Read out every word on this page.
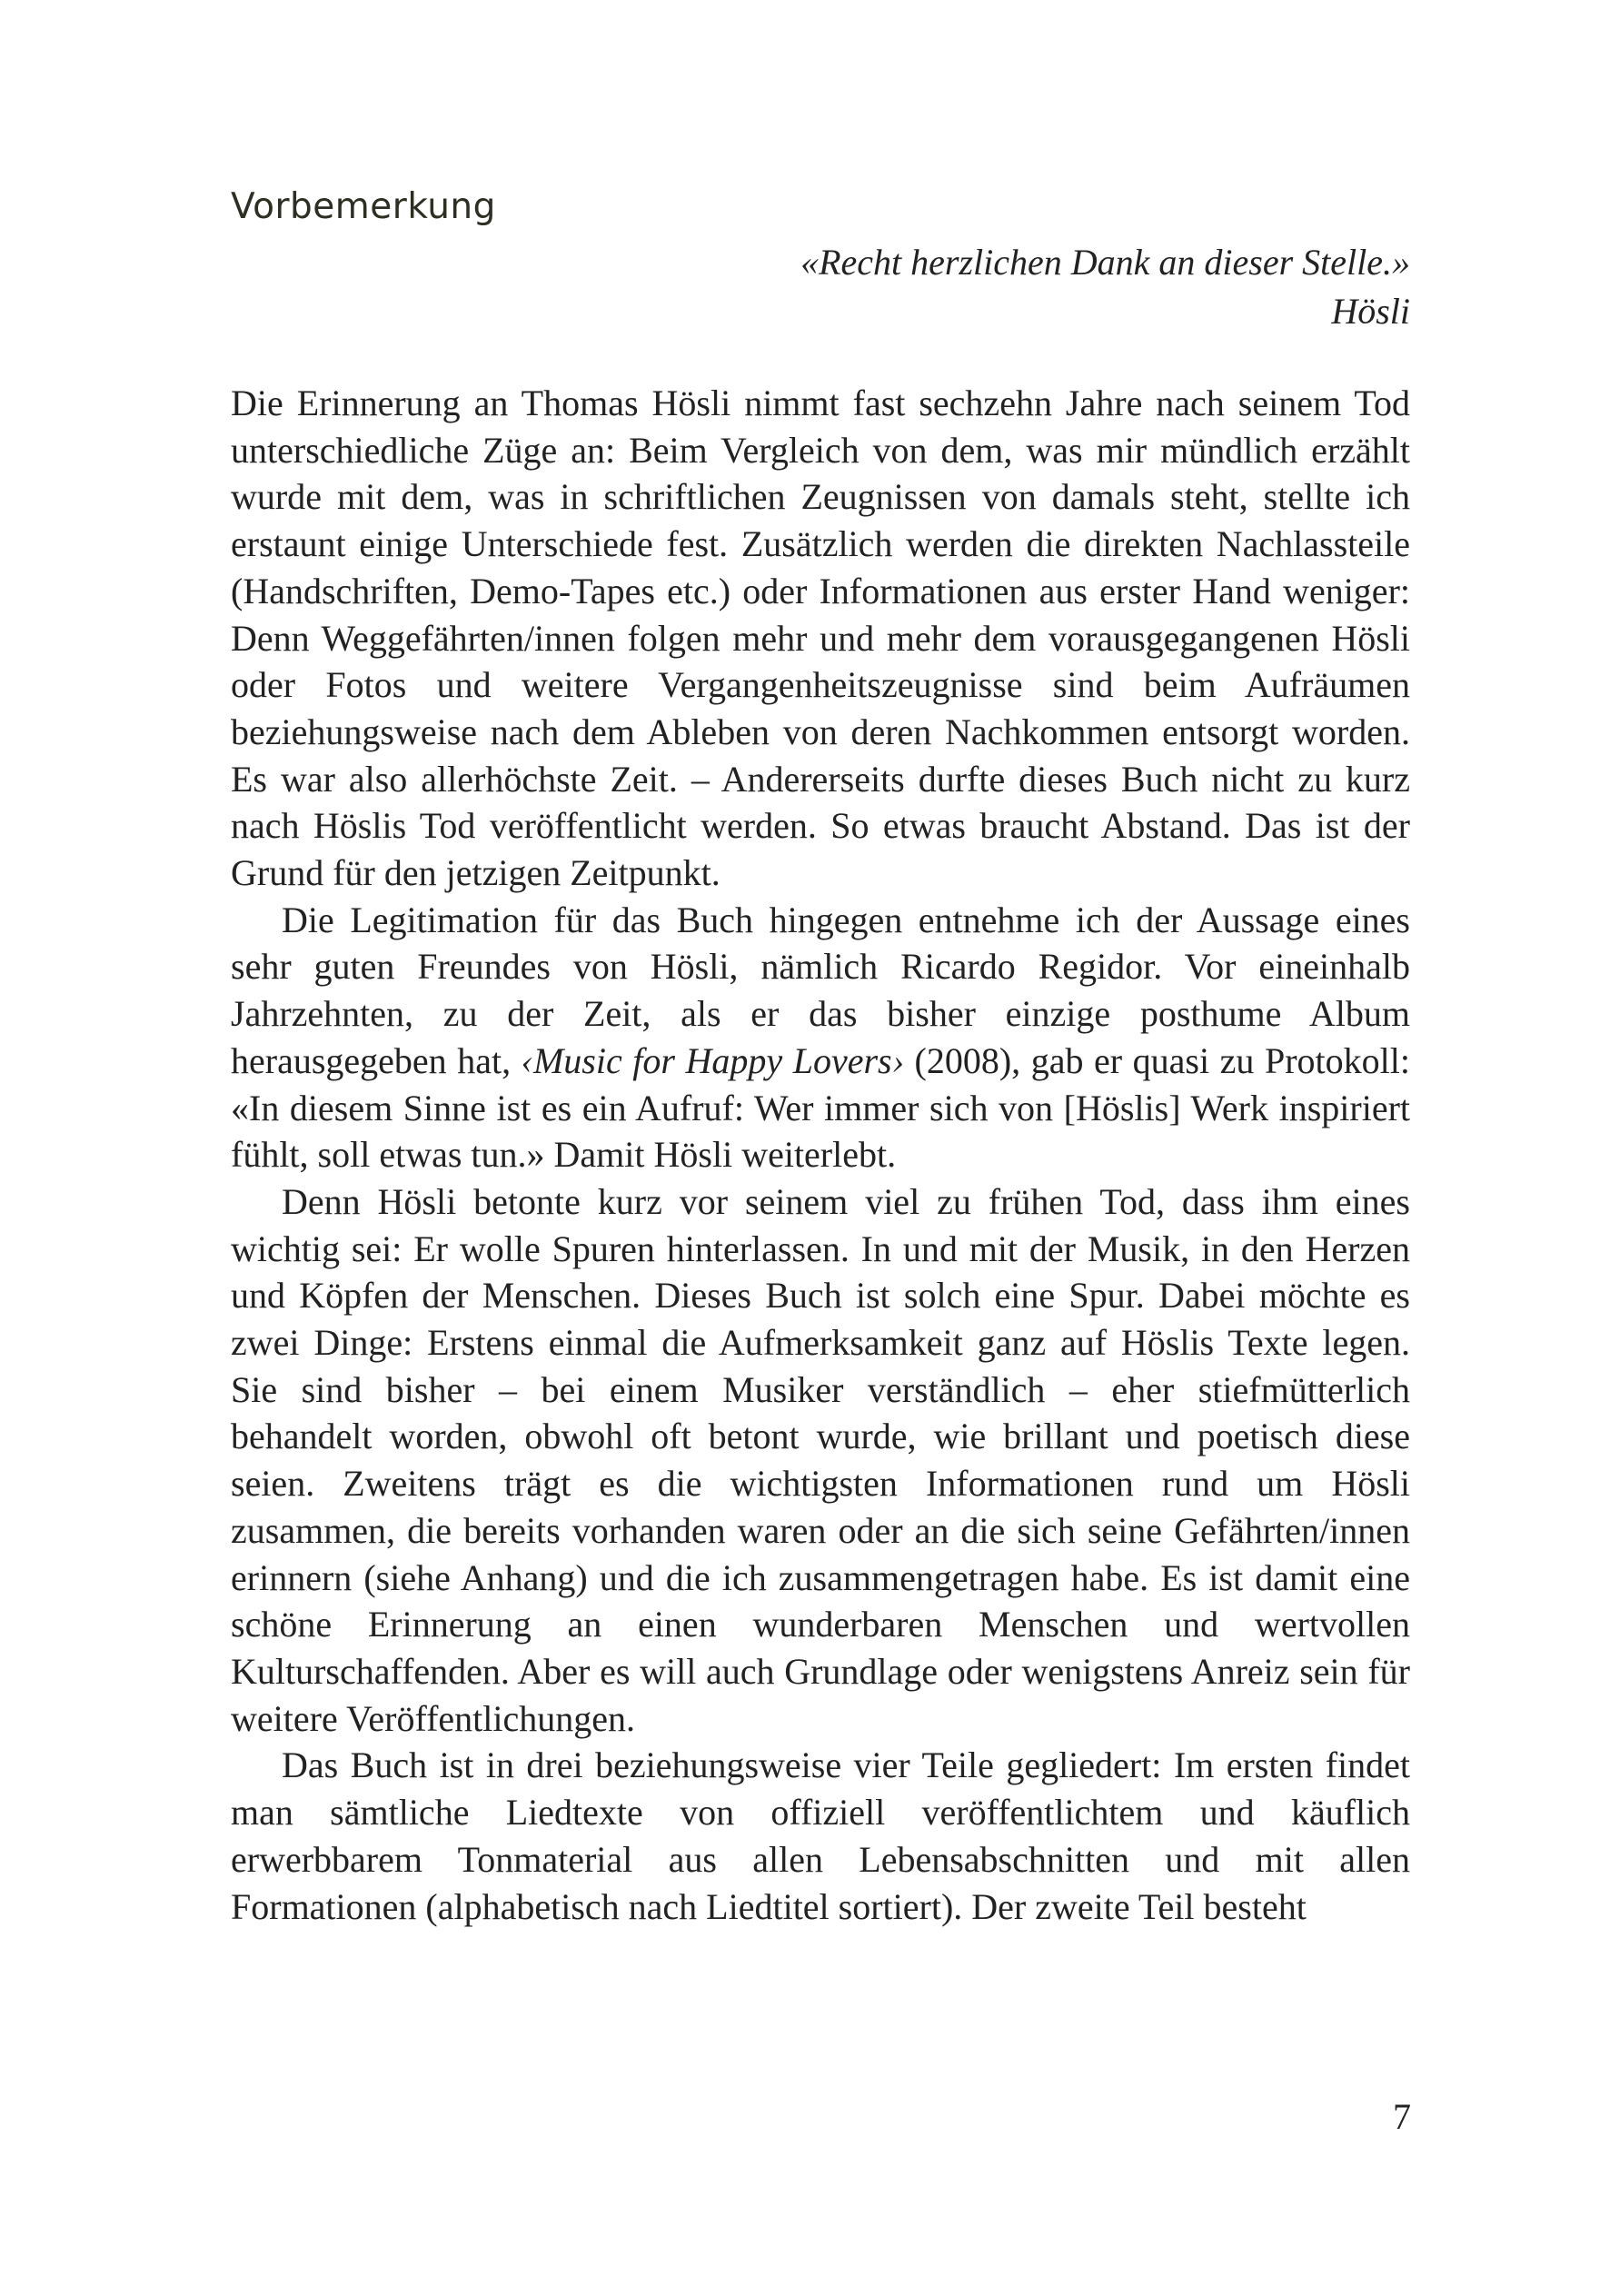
Vorbemerkung
«Recht herzlichen Dank an dieser Stelle.»
Hösli

Die Erinnerung an Thomas Hösli nimmt fast sechzehn Jahre nach seinem Tod unterschiedliche Züge an: Beim Vergleich von dem, was mir mündlich erzählt wurde mit dem, was in schriftlichen Zeugnissen von damals steht, stellte ich erstaunt einige Unterschiede fest. Zusätzlich werden die direkten Nachlassteile (Handschriften, Demo-Tapes etc.) oder Informationen aus erster Hand weniger: Denn Weggefährten/innen folgen mehr und mehr dem vorausgegangenen Hösli oder Fotos und weitere Vergangenheitszeugnisse sind beim Aufräumen beziehungsweise nach dem Ableben von deren Nachkommen entsorgt worden. Es war also allerhöchste Zeit. – Andererseits durfte dieses Buch nicht zu kurz nach Höslis Tod veröffentlicht werden. So etwas braucht Abstand. Das ist der Grund für den jetzigen Zeitpunkt.

Die Legitimation für das Buch hingegen entnehme ich der Aussage eines sehr guten Freundes von Hösli, nämlich Ricardo Regidor. Vor eineinhalb Jahrzehnten, zu der Zeit, als er das bisher einzige posthume Album herausgegeben hat, ‹Music for Happy Lovers› (2008), gab er quasi zu Protokoll: «In diesem Sinne ist es ein Aufruf: Wer immer sich von [Höslis] Werk inspiriert fühlt, soll etwas tun.» Damit Hösli weiterlebt.

Denn Hösli betonte kurz vor seinem viel zu frühen Tod, dass ihm eines wichtig sei: Er wolle Spuren hinterlassen. In und mit der Musik, in den Herzen und Köpfen der Menschen. Dieses Buch ist solch eine Spur. Dabei möchte es zwei Dinge: Erstens einmal die Aufmerksamkeit ganz auf Höslis Texte legen. Sie sind bisher – bei einem Musiker verständlich – eher stiefmütterlich behandelt worden, obwohl oft betont wurde, wie brillant und poetisch diese seien. Zweitens trägt es die wichtigsten Informationen rund um Hösli zusammen, die bereits vorhanden waren oder an die sich seine Gefährten/innen erinnern (siehe Anhang) und die ich zusammengetragen habe. Es ist damit eine schöne Erinnerung an einen wunderbaren Menschen und wertvollen Kulturschaffenden. Aber es will auch Grundlage oder wenigstens Anreiz sein für weitere Veröffentlichungen.

Das Buch ist in drei beziehungsweise vier Teile gegliedert: Im ersten findet man sämtliche Liedtexte von offiziell veröffentlichtem und käuflich erwerbbarem Tonmaterial aus allen Lebensabschnitten und mit allen Formationen (alphabetisch nach Liedtitel sortiert). Der zweite Teil besteht

7
